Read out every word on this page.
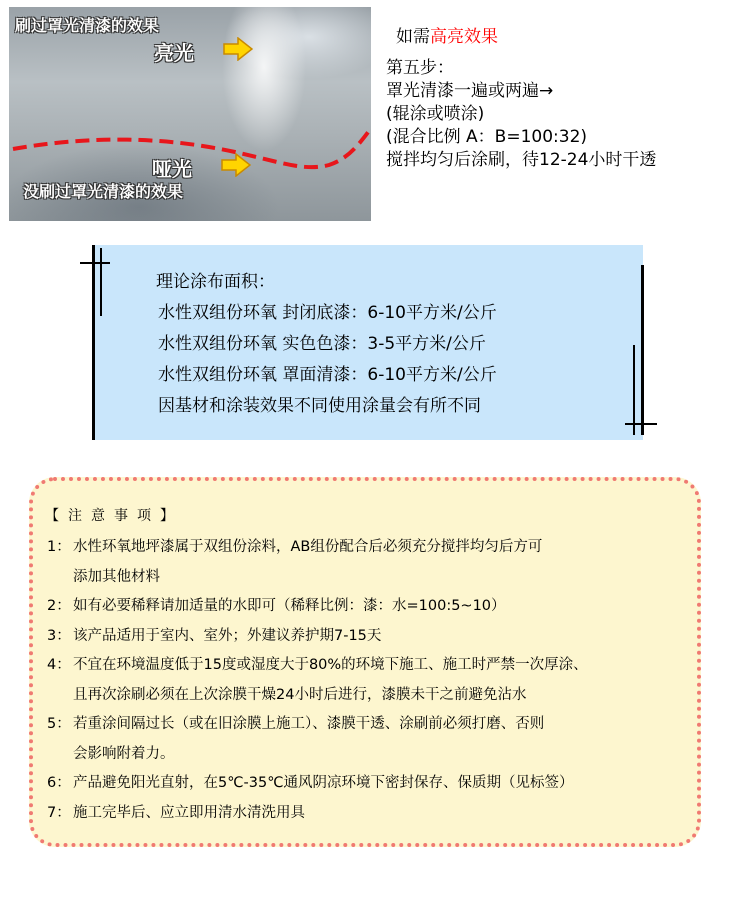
刷过罩光清漆的效果
亮光
哑光
没刷过罩光清漆的效果
如需高亮效果
第五步：
罩光清漆一遍或两遍→
(辊涂或喷涂)
(混合比例 A：B=100:32)
搅拌均匀后涂刷，待12-24小时干透
理论涂布面积：
水性双组份环氧 封闭底漆：6-10平方米/公斤
水性双组份环氧 实色色漆：3-5平方米/公斤
水性双组份环氧 罩面清漆：6-10平方米/公斤
因基材和涂装效果不同使用涂量会有所不同
【注意事项】
1： 水性环氧地坪漆属于双组份涂料，AB组份配合后必须充分搅拌均匀后方可
添加其他材料
2： 如有必要稀释请加适量的水即可（稀释比例：漆：水=100:5~10）
3： 该产品适用于室内、室外；外建议养护期7-15天
4： 不宜在环境温度低于15度或湿度大于80%的环境下施工、施工时严禁一次厚涂、
且再次涂刷必须在上次涂膜干燥24小时后进行，漆膜未干之前避免沾水
5： 若重涂间隔过长（或在旧涂膜上施工）、漆膜干透、涂刷前必须打磨、否则
会影响附着力。
6： 产品避免阳光直射，在5℃-35℃通风阴凉环境下密封保存、保质期（见标签）
7： 施工完毕后、应立即用清水清洗用具
